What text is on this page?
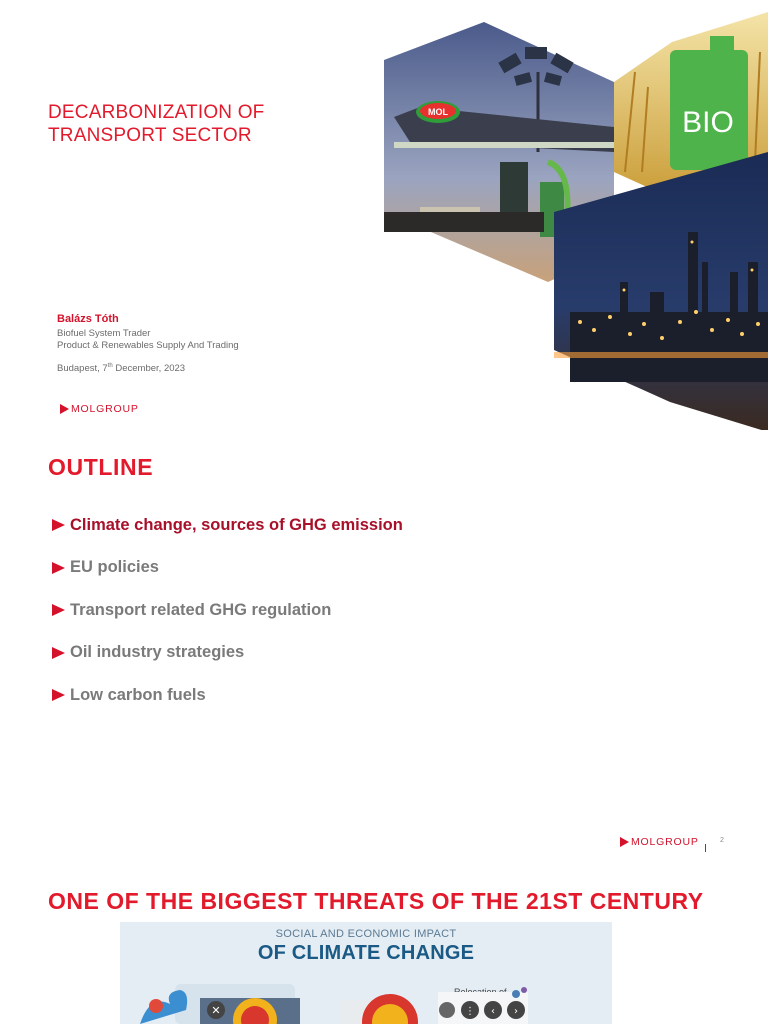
DECARBONIZATION OF
TRANSPORT SECTOR
Balázs Tóth
Biofuel System Trader
Product & Renewables Supply And Trading
Budapest, 7th December, 2023
MOLGROUP
MOL	BIO
OUTLINE
Climate change, sources of GHG emission
EU policies
Transport related GHG regulation
Oil industry strategies
Low carbon fuels
MOLGROUP	2
ONE OF THE BIGGEST THREATS OF THE 21ST CENTURY
SOCIAL AND ECONOMIC IMPACT
OF CLIMATE CHANGE
✕	⋮ ‹ ›
